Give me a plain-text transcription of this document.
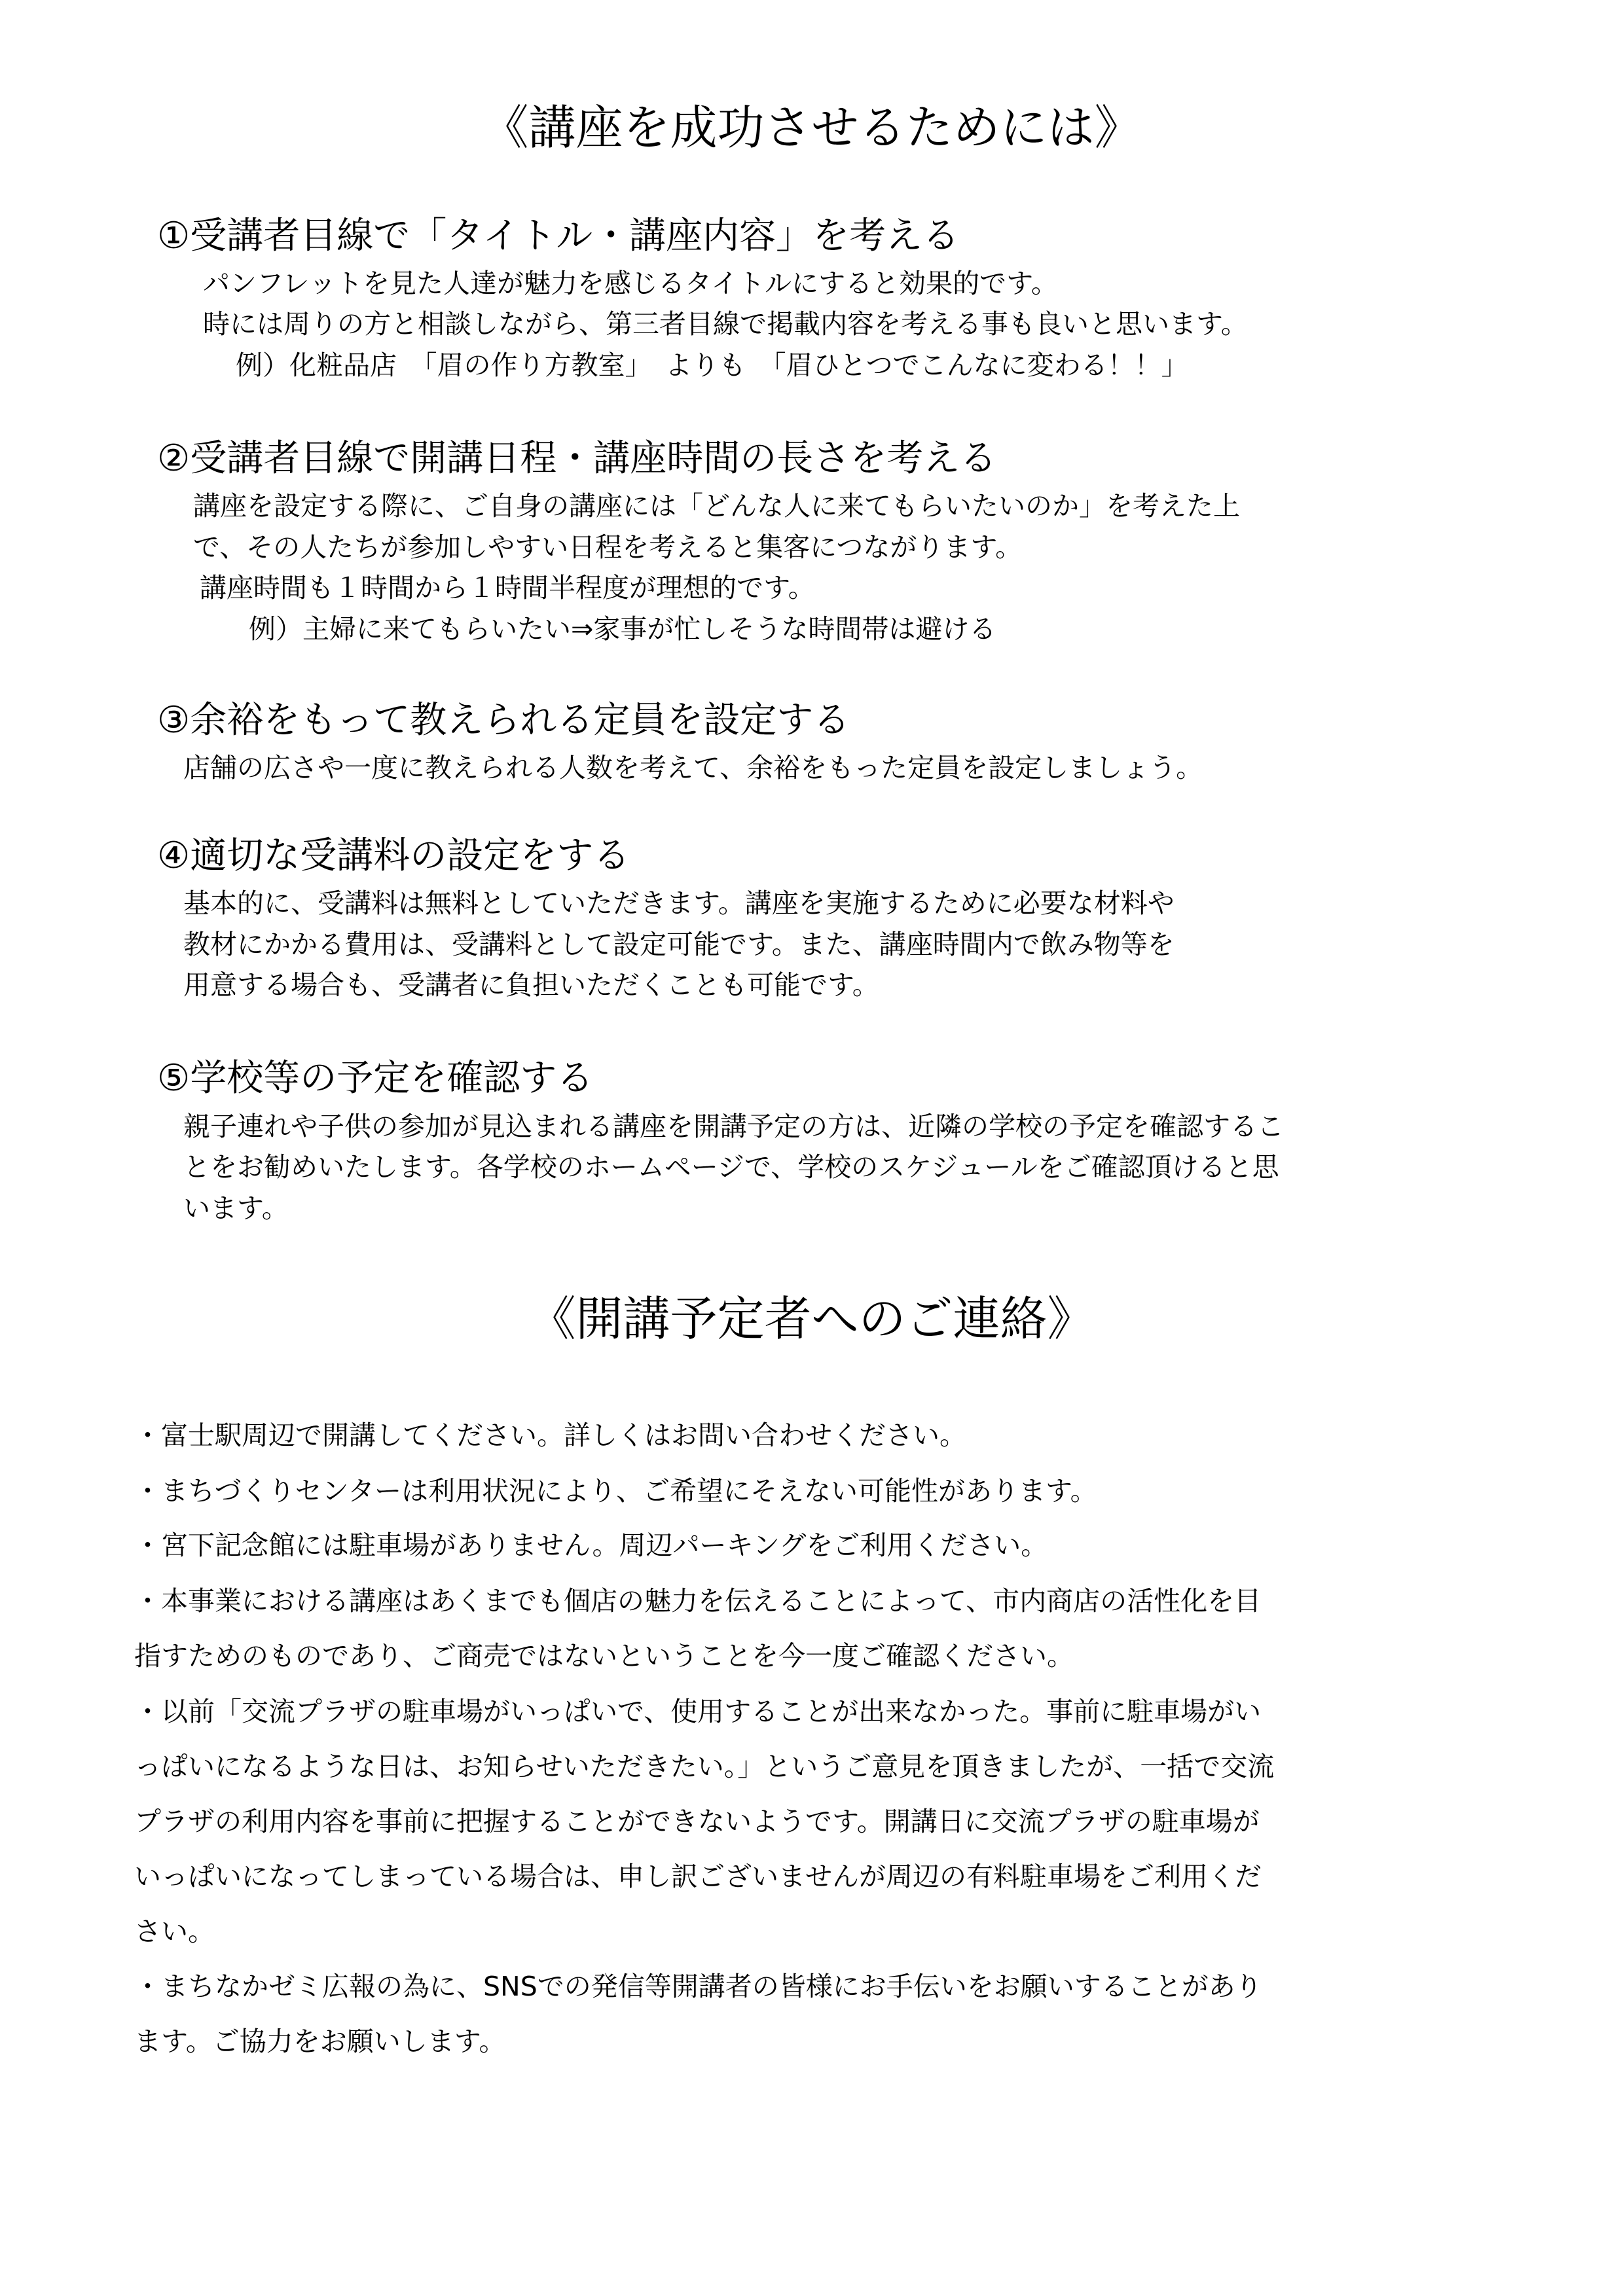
《講座を成功させるためには》
①受講者目線で「タイトル・講座内容」を考える
パンフレットを見た人達が魅力を感じるタイトルにすると効果的です。
時には周りの方と相談しながら、第三者目線で掲載内容を考える事も良いと思います。
例）化粧品店　「眉の作り方教室」　よりも　「眉ひとつでこんなに変わる！！」
②受講者目線で開講日程・講座時間の長さを考える
講座を設定する際に、ご自身の講座には「どんな人に来てもらいたいのか」を考えた上
で、その人たちが参加しやすい日程を考えると集客につながります。
講座時間も１時間から１時間半程度が理想的です。
例）主婦に来てもらいたい⇒家事が忙しそうな時間帯は避ける
③余裕をもって教えられる定員を設定する
店舗の広さや一度に教えられる人数を考えて、余裕をもった定員を設定しましょう。
④適切な受講料の設定をする
基本的に、受講料は無料としていただきます。講座を実施するために必要な材料や
教材にかかる費用は、受講料として設定可能です。また、講座時間内で飲み物等を
用意する場合も、受講者に負担いただくことも可能です。
⑤学校等の予定を確認する
親子連れや子供の参加が見込まれる講座を開講予定の方は、近隣の学校の予定を確認するこ
とをお勧めいたします。各学校のホームページで、学校のスケジュールをご確認頂けると思
います。
《開講予定者へのご連絡》
・富士駅周辺で開講してください。詳しくはお問い合わせください。
・まちづくりセンターは利用状況により、ご希望にそえない可能性があります。
・宮下記念館には駐車場がありません。周辺パーキングをご利用ください。
・本事業における講座はあくまでも個店の魅力を伝えることによって、市内商店の活性化を目
指すためのものであり、ご商売ではないということを今一度ご確認ください。
・以前「交流プラザの駐車場がいっぱいで、使用することが出来なかった。事前に駐車場がい
っぱいになるような日は、お知らせいただきたい。」というご意見を頂きましたが、一括で交流
プラザの利用内容を事前に把握することができないようです。開講日に交流プラザの駐車場が
いっぱいになってしまっている場合は、申し訳ございませんが周辺の有料駐車場をご利用くだ
さい。
・まちなかゼミ広報の為に、SNSでの発信等開講者の皆様にお手伝いをお願いすることがあり
ます。ご協力をお願いします。
